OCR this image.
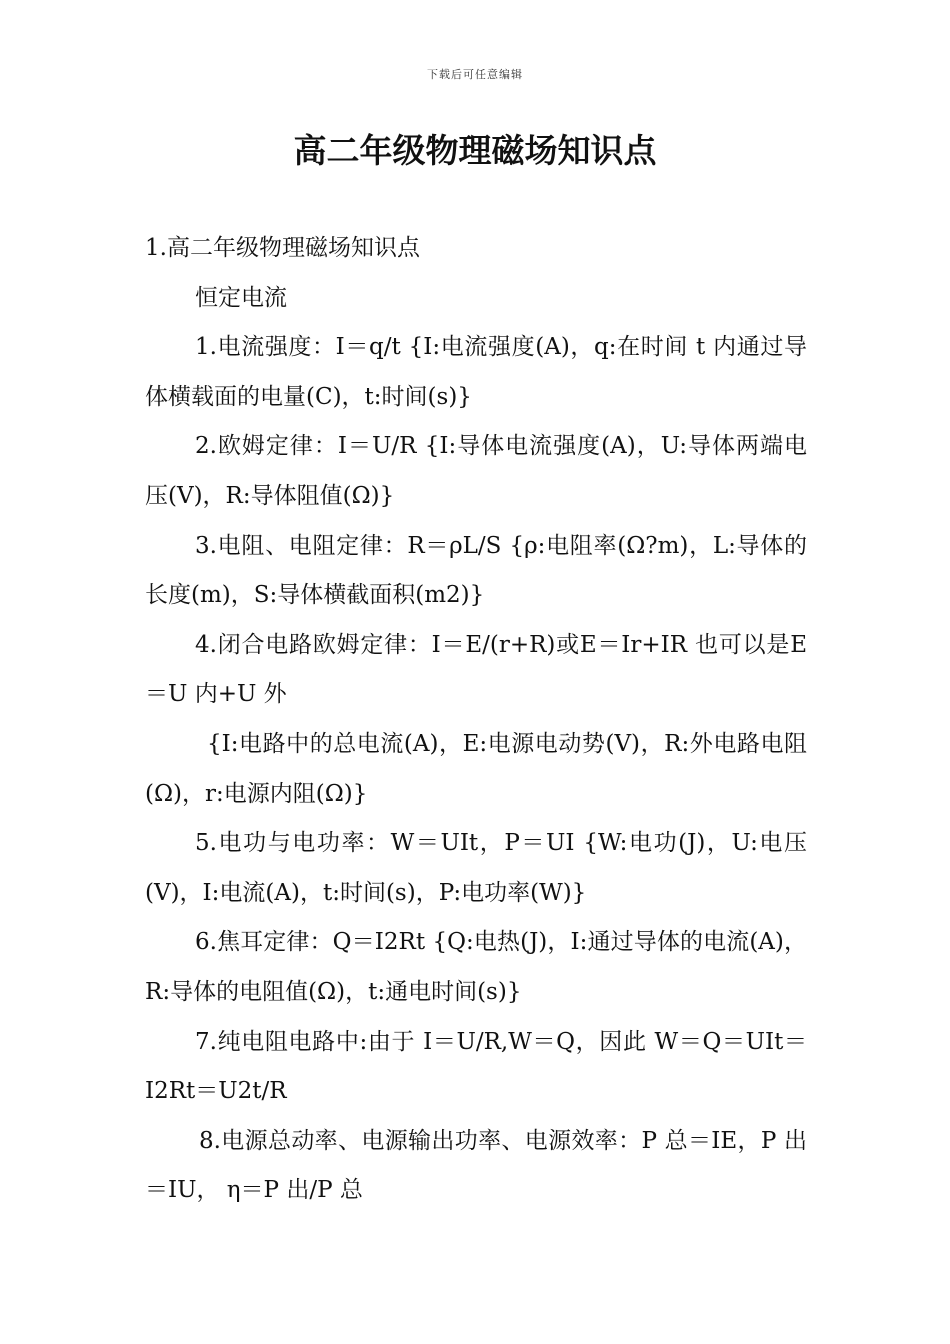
下载后可任意编辑
高二年级物理磁场知识点

1.高二年级物理磁场知识点

恒定电流

1.电流强度：I＝q/t {I:电流强度(A)，q:在时间 t 内通过导体横载面的电量(C)，t:时间(s)}

2.欧姆定律：I＝U/R {I:导体电流强度(A)，U:导体两端电压(V)，R:导体阻值(Ω)}

3.电阻、电阻定律：R＝ρL/S {ρ:电阻率(Ω?m)，L:导体的长度(m)，S:导体横截面积(m2)}

4.闭合电路欧姆定律：I＝E/(r+R)或E＝Ir+IR 也可以是E＝U 内+U 外

{I:电路中的总电流(A)，E:电源电动势(V)，R:外电路电阻(Ω)，r:电源内阻(Ω)}

5.电功与电功率：W＝UIt，P＝UI {W:电功(J)，U:电压(V)，I:电流(A)，t:时间(s)，P:电功率(W)}

6.焦耳定律：Q＝I2Rt {Q:电热(J)，I:通过导体的电流(A)，R:导体的电阻值(Ω)，t:通电时间(s)}

7.纯电阻电路中:由于 I＝U/R,W＝Q，因此 W＝Q＝UIt＝I2Rt＝U2t/R

8.电源总动率、电源输出功率、电源效率：P 总＝IE，P 出＝IU， η＝P 出/P 总
